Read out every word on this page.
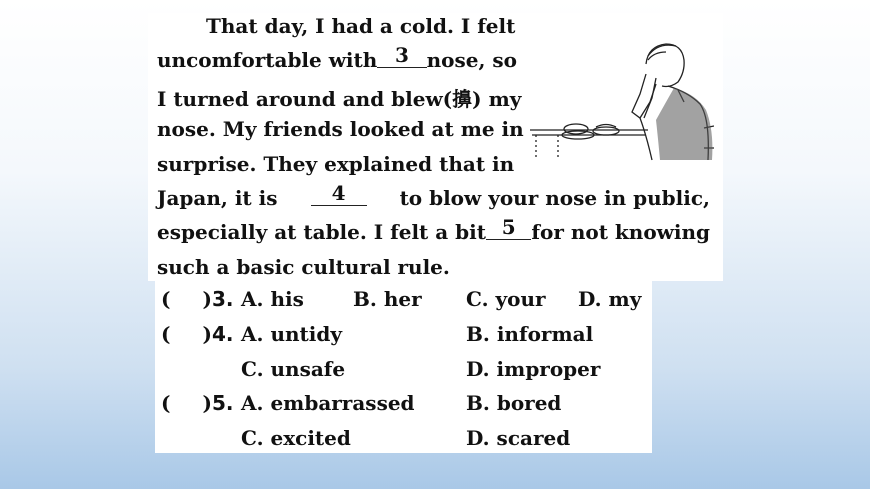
That day, I had a cold. I felt
uncomfortable with 3 nose, so
I turned around and blew(擤) my
nose. My friends looked at me in
surprise. They explained that in
Japan, it is	4	to blow your nose in public,
especially at table. I felt a bit 5 for not knowing
such a basic cultural rule.
( )3. A. his B. her C. your D. my
( )4. A. untidy	B. informal
C. unsafe	D. improper
( )5. A. embarrassed	B. bored
C. excited	D. scared
